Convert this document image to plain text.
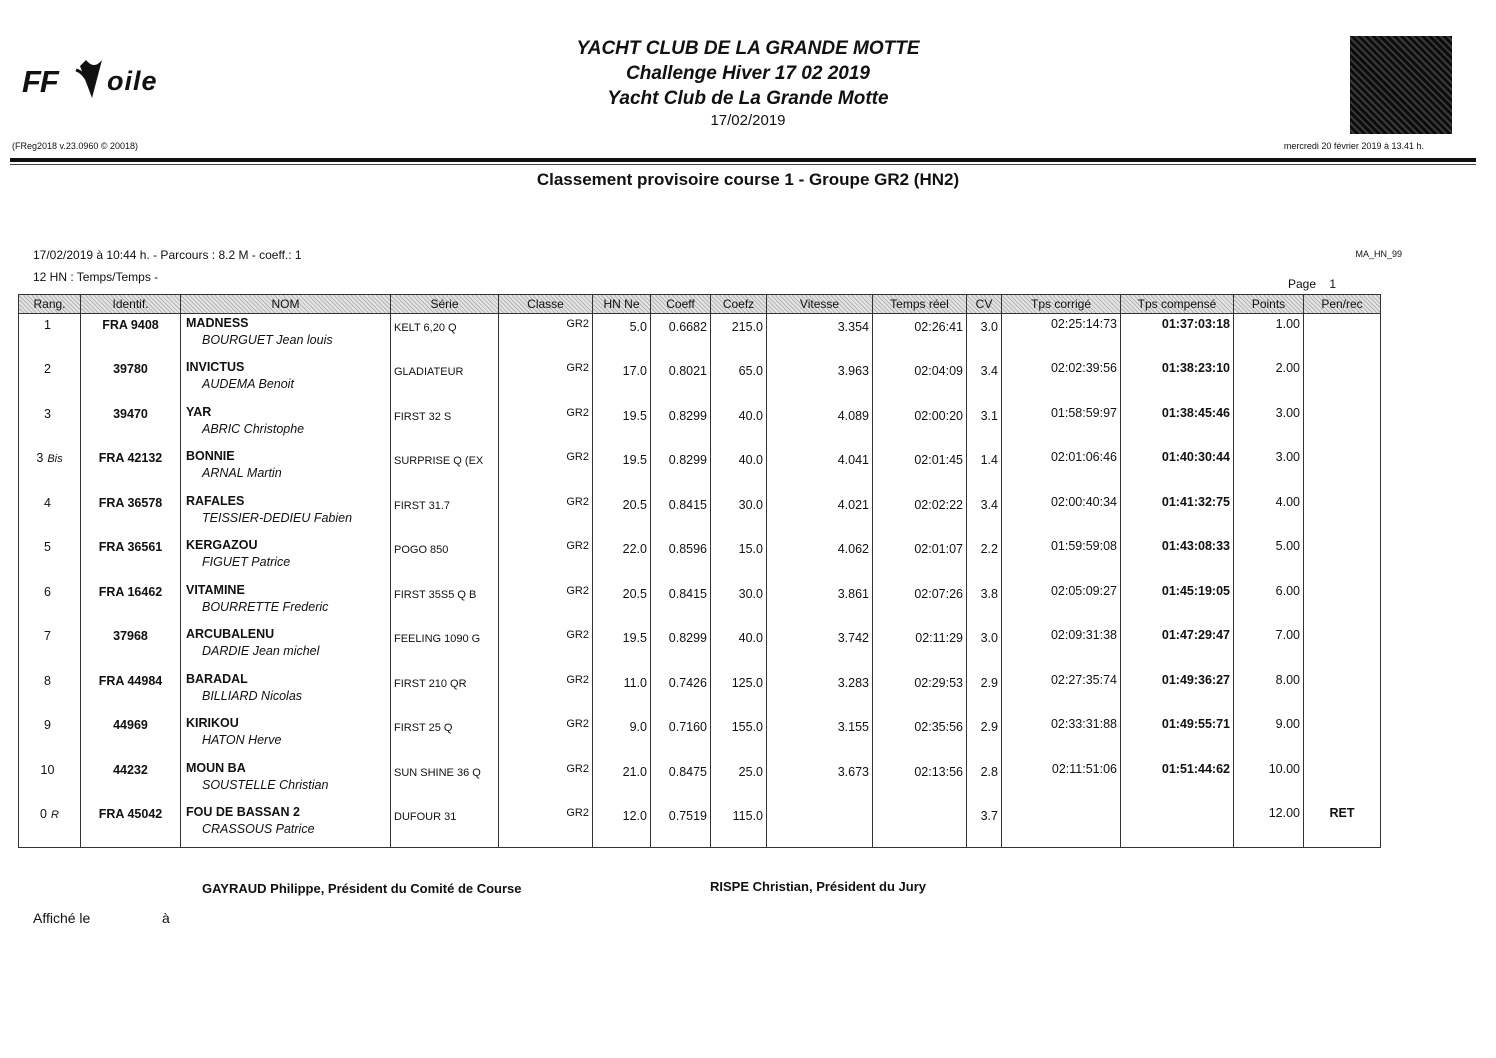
FF oile
YACHT CLUB DE LA GRANDE MOTTE
Challenge Hiver 17 02 2019
Yacht Club de La Grande Motte
17/02/2019
(FReg2018 v.23.0960 © 20018)	mercredi 20 février 2019 à 13.41 h.
Classement provisoire course 1 - Groupe GR2 (HN2)
17/02/2019 à 10:44 h. - Parcours : 8.2 M - coeff.: 1
12 HN : Temps/Temps -
MA_HN_99
Page 1
Rang.	Identif.	NOM	Série	Classe	HN Ne	Coeff	Coefz	Vitesse	Temps réel	CV	Tps corrigé	Tps compensé	Points	Pen/rec
1	FRA 9408	MADNESS
BOURGUET Jean louis	KELT 6,20 Q	GR2	5.0	0.6682	215.0	3.354	02:26:41	3.0	02:25:14:73	01:37:03:18	1.00	
2	39780	INVICTUS
AUDEMA Benoit	GLADIATEUR	GR2	17.0	0.8021	65.0	3.963	02:04:09	3.4	02:02:39:56	01:38:23:10	2.00	
3	39470	YAR
ABRIC Christophe	FIRST 32 S	GR2	19.5	0.8299	40.0	4.089	02:00:20	3.1	01:58:59:97	01:38:45:46	3.00	
3 Bis	FRA 42132	BONNIE
ARNAL Martin	SURPRISE Q (EX	GR2	19.5	0.8299	40.0	4.041	02:01:45	1.4	02:01:06:46	01:40:30:44	3.00	
4	FRA 36578	RAFALES
TEISSIER-DEDIEU Fabien	FIRST 31.7	GR2	20.5	0.8415	30.0	4.021	02:02:22	3.4	02:00:40:34	01:41:32:75	4.00	
5	FRA 36561	KERGAZOU
FIGUET Patrice	POGO 850	GR2	22.0	0.8596	15.0	4.062	02:01:07	2.2	01:59:59:08	01:43:08:33	5.00	
6	FRA 16462	VITAMINE
BOURRETTE Frederic	FIRST 35S5 Q B	GR2	20.5	0.8415	30.0	3.861	02:07:26	3.8	02:05:09:27	01:45:19:05	6.00	
7	37968	ARCUBALENU
DARDIE Jean michel	FEELING 1090 G	GR2	19.5	0.8299	40.0	3.742	02:11:29	3.0	02:09:31:38	01:47:29:47	7.00	
8	FRA 44984	BARADAL
BILLIARD Nicolas	FIRST 210 QR	GR2	11.0	0.7426	125.0	3.283	02:29:53	2.9	02:27:35:74	01:49:36:27	8.00	
9	44969	KIRIKOU
HATON Herve	FIRST 25 Q	GR2	9.0	0.7160	155.0	3.155	02:35:56	2.9	02:33:31:88	01:49:55:71	9.00	
10	44232	MOUN BA
SOUSTELLE Christian	SUN SHINE 36 Q	GR2	21.0	0.8475	25.0	3.673	02:13:56	2.8	02:11:51:06	01:51:44:62	10.00	
0 R	FRA 45042	FOU DE BASSAN 2
CRASSOUS Patrice	DUFOUR 31	GR2	12.0	0.7519	115.0			3.7			12.00	RET
GAYRAUD Philippe, Président du Comité de Course	RISPE Christian, Président du Jury
Affiché le	à
